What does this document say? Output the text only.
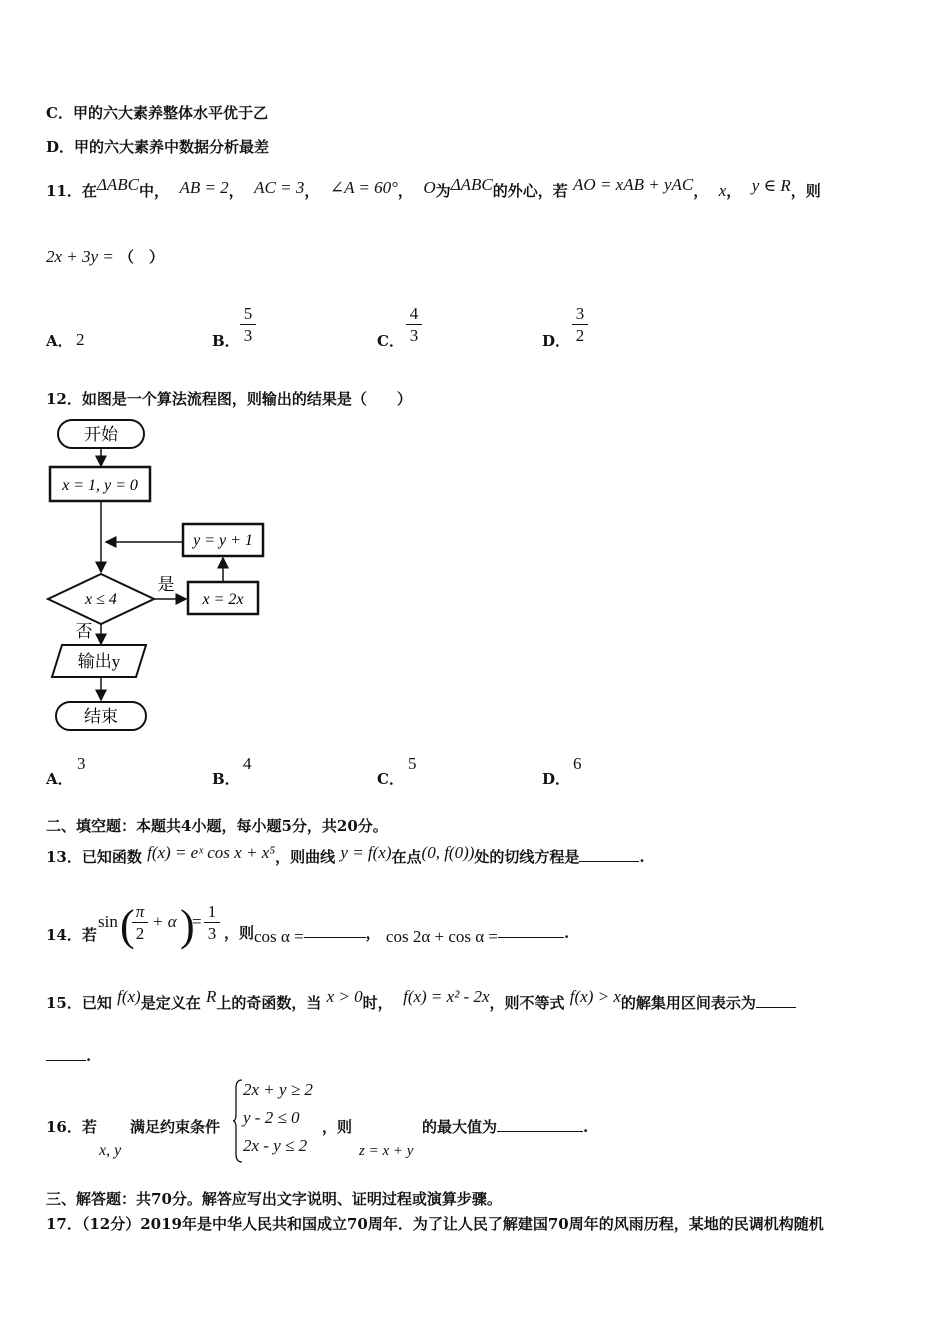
C．甲的六大素养整体水平优于乙
D．甲的六大素养中数据分析最差
11．在ΔABC中， AB = 2， AC = 3， ∠A = 60°， O为ΔABC的外心，若 AO = xAB + yAC， x， y ∈ R，则
2x + 3y = （　）
A． 2	B． $\frac{5}{3}$	C． $\frac{4}{3}$	D． $\frac{3}{2}$
12．如图是一个算法流程图，则输出的结果是（　　）
开始
x = 1, y = 0
y = y + 1
x ≤ 4
是
x = 2x
否
输出y
结束
A．
3
B．
4
C．
5
D．
6
二、填空题：本题共4小题，每小题5分，共20分。
13．已知函数 f(x) = eˣ cos x + x⁵，则曲线 y = f(x)在点(0, f(0))处的切线方程是	.
14．若
sin (
$\frac{\pi}{2} + \alpha$ )
= $\frac{1}{3}$ ，则cos α =	， cos 2α + cos α =	.
15．已知 f(x)是定义在 R上的奇函数，当 x > 0时， f(x) = x² - 2x，则不等式 f(x) > x的解集用区间表示为
.
16．若
x, y
满足约束条件
2x + y ≥ 2
y - 2 ≤ 0
2x - y ≤ 2
，则
z = x + y
的最大值为	.
三、解答题：共70分。解答应写出文字说明、证明过程或演算步骤。
17．（12分）2019年是中华人民共和国成立70周年．为了让人民了解建国70周年的风雨历程，某地的民调机构随机
